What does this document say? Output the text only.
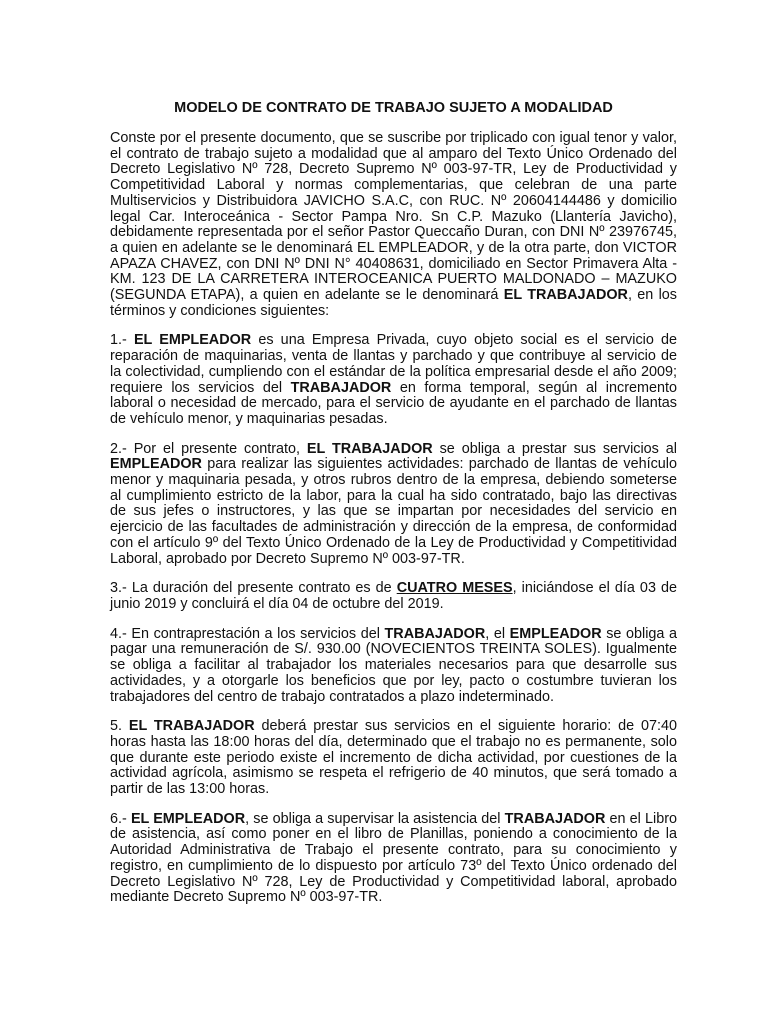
MODELO DE CONTRATO DE TRABAJO SUJETO A MODALIDAD

Conste por el presente documento, que se suscribe por triplicado con igual tenor y valor, el contrato de trabajo sujeto a modalidad que al amparo del Texto Único Ordenado del Decreto Legislativo Nº 728, Decreto Supremo Nº 003-97-TR, Ley de Productividad y Competitividad Laboral y normas complementarias, que celebran de una parte Multiservicios y Distribuidora JAVICHO S.A.C, con RUC. Nº 20604144486 y domicilio legal Car. Interoceánica - Sector Pampa Nro. Sn C.P. Mazuko (Llantería Javicho), debidamente representada por el señor Pastor Queccaño Duran, con DNI Nº 23976745, a quien en adelante se le denominará EL EMPLEADOR, y de la otra parte, don VICTOR APAZA CHAVEZ, con DNI Nº DNI N° 40408631, domiciliado en Sector Primavera Alta - KM. 123 DE LA CARRETERA INTEROCEANICA PUERTO MALDONADO – MAZUKO (SEGUNDA ETAPA), a quien en adelante se le denominará EL TRABAJADOR, en los términos y condiciones siguientes:

1.- EL EMPLEADOR es una Empresa Privada, cuyo objeto social es el servicio de reparación de maquinarias, venta de llantas y parchado y que contribuye al servicio de la colectividad, cumpliendo con el estándar de la política empresarial desde el año 2009; requiere los servicios del TRABAJADOR en forma temporal, según al incremento laboral o necesidad de mercado, para el servicio de ayudante en el parchado de llantas de vehículo menor, y maquinarias pesadas.

2.- Por el presente contrato, EL TRABAJADOR se obliga a prestar sus servicios al EMPLEADOR para realizar las siguientes actividades: parchado de llantas de vehículo menor y maquinaria pesada, y otros rubros dentro de la empresa, debiendo someterse al cumplimiento estricto de la labor, para la cual ha sido contratado, bajo las directivas de sus jefes o instructores, y las que se impartan por necesidades del servicio en ejercicio de las facultades de administración y dirección de la empresa, de conformidad con el artículo 9º del Texto Único Ordenado de la Ley de Productividad y Competitividad Laboral, aprobado por Decreto Supremo Nº 003-97-TR.

3.- La duración del presente contrato es de CUATRO MESES, iniciándose el día 03 de junio 2019 y concluirá el día 04 de octubre del 2019.

4.- En contraprestación a los servicios del TRABAJADOR, el EMPLEADOR se obliga a pagar una remuneración de S/. 930.00 (NOVECIENTOS TREINTA SOLES). Igualmente se obliga a facilitar al trabajador los materiales necesarios para que desarrolle sus actividades, y a otorgarle los beneficios que por ley, pacto o costumbre tuvieran los trabajadores del centro de trabajo contratados a plazo indeterminado.

5. EL TRABAJADOR deberá prestar sus servicios en el siguiente horario: de 07:40 horas hasta las 18:00 horas del día, determinado que el trabajo no es permanente, solo que durante este periodo existe el incremento de dicha actividad, por cuestiones de la actividad agrícola, asimismo se respeta el refrigerio de 40 minutos, que será tomado a partir de las 13:00 horas.

6.- EL EMPLEADOR, se obliga a supervisar la asistencia del TRABAJADOR en el Libro de asistencia, así como poner en el libro de Planillas, poniendo a conocimiento de la Autoridad Administrativa de Trabajo el presente contrato, para su conocimiento y registro, en cumplimiento de lo dispuesto por artículo 73º del Texto Único ordenado del Decreto Legislativo Nº 728, Ley de Productividad y Competitividad laboral, aprobado mediante Decreto Supremo Nº 003-97-TR.
